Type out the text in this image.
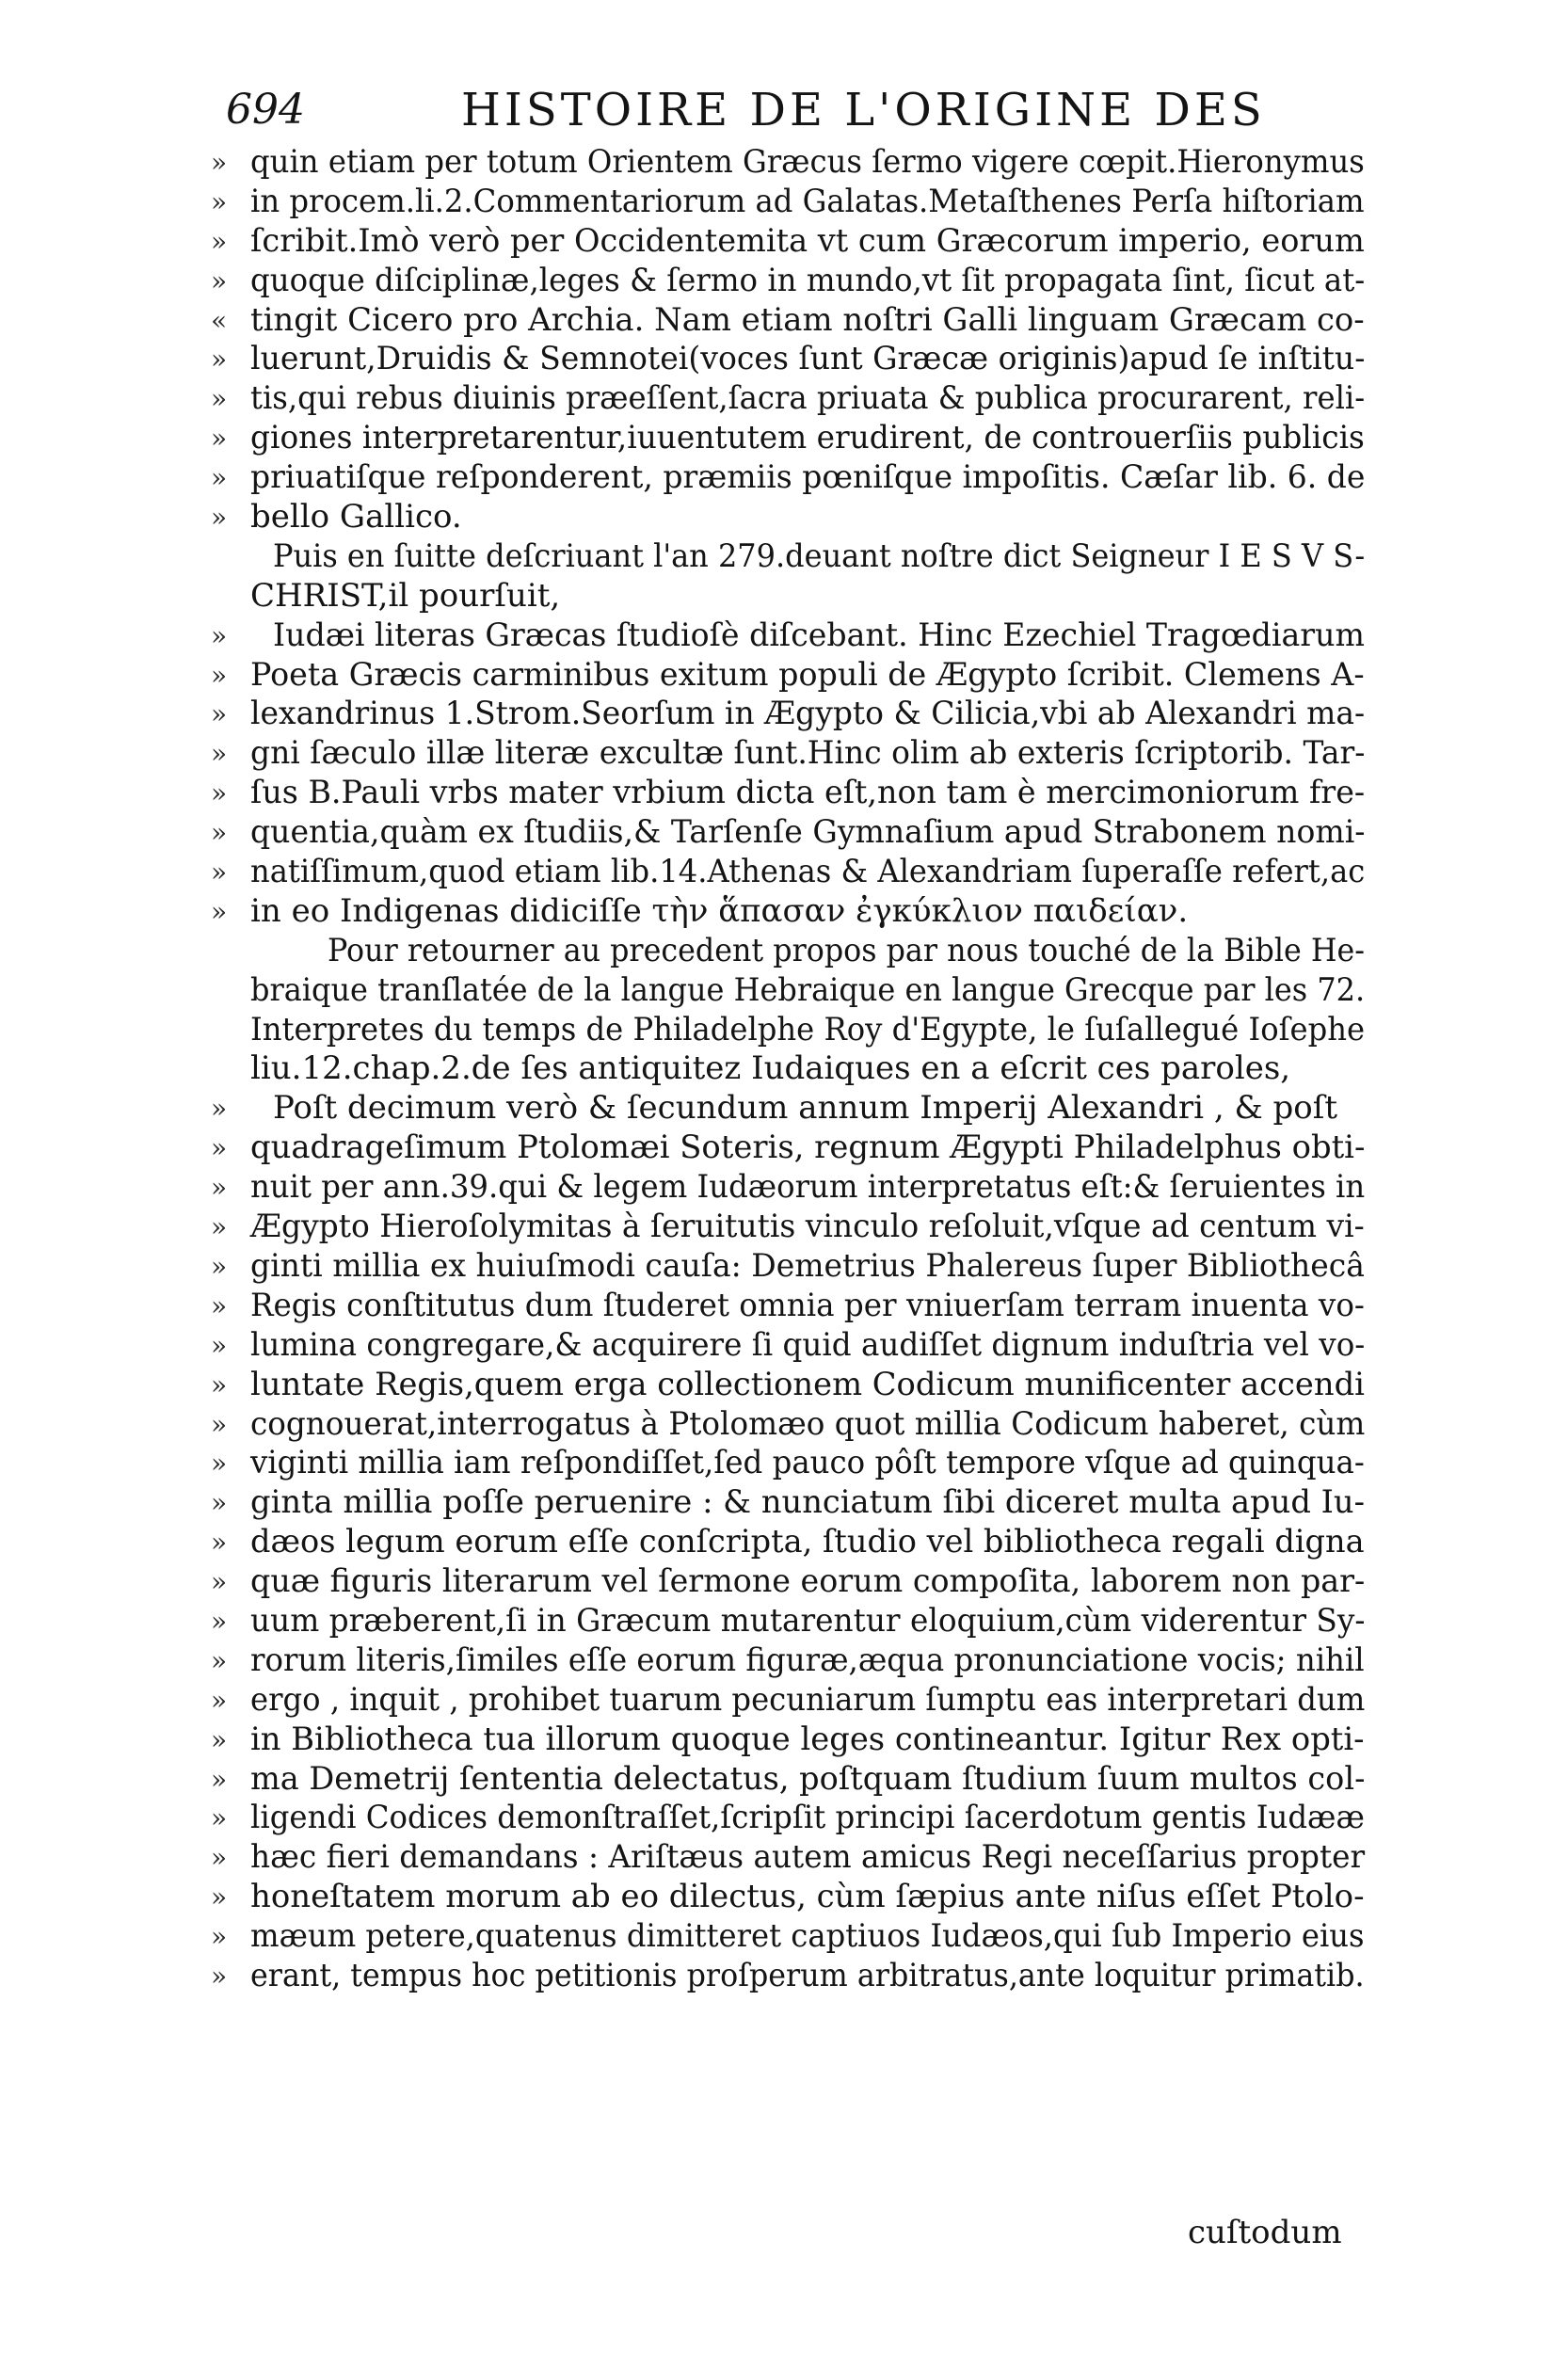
694	HISTOIRE DE L'ORIGINE DES
» quin etiam per totum Orientem Græcus ſermo vigere cœpit.Hieronymus
» in procem.li.2.Commentariorum ad Galatas.Metaſthenes Perſa hiſtoriam
» ſcribit.Imò verò per Occidentemita vt cum Græcorum imperio, eorum
» quoque diſciplinæ,leges & ſermo in mundo,vt ſit propagata ſint, ſicut at-
« tingit Cicero pro Archia. Nam etiam noſtri Galli linguam Græcam co-
» luerunt,Druidis & Semnotei(voces ſunt Græcæ originis)apud ſe inſtitu-
» tis,qui rebus diuinis præeſſent,ſacra priuata & publica procurarent, reli-
» giones interpretarentur,iuuentutem erudirent, de controuerſiis publicis
» priuatiſque reſponderent, præmiis pœniſque impoſitis. Cæſar lib. 6. de
» bello Gallico.
Puis en ſuitte deſcriuant l'an 279.deuant noſtre dict Seigneur I E S V S-
CHRIST,il pourſuit,
»	Iudæi literas Græcas ſtudioſè diſcebant. Hinc Ezechiel Tragœdiarum
» Poeta Græcis carminibus exitum populi de Ægypto ſcribit. Clemens A-
» lexandrinus 1.Strom.Seorſum in Ægypto & Cilicia,vbi ab Alexandri ma-
» gni ſæculo illæ literæ excultæ ſunt.Hinc olim ab exteris ſcriptorib. Tar-
» ſus B.Pauli vrbs mater vrbium dicta eſt,non tam è mercimoniorum fre-
» quentia,quàm ex ſtudiis,& Tarſenſe Gymnaſium apud Strabonem nomi-
» natiſſimum,quod etiam lib.14.Athenas & Alexandriam ſuperaſſe refert,ac
» in eo Indigenas didiciſſe τὴν ἅπασαν ἐγκύκλιον παιδείαν.
Pour retourner au precedent propos par nous touché de la Bible He-
braique tranſlatée de la langue Hebraique en langue Grecque par les 72.
Interpretes du temps de Philadelphe Roy d'Egypte, le ſuſallegué Ioſephe
liu.12.chap.2.de ſes antiquitez Iudaiques en a eſcrit ces paroles,
»	Poſt decimum verò & ſecundum annum Imperij Alexandri , & poſt
» quadrageſimum Ptolomæi Soteris, regnum Ægypti Philadelphus obti-
» nuit per ann.39.qui & legem Iudæorum interpretatus eſt:& ſeruientes in
» Ægypto Hieroſolymitas à ſeruitutis vinculo reſoluit,vſque ad centum vi-
» ginti millia ex huiuſmodi cauſa: Demetrius Phalereus ſuper Bibliothecâ
» Regis conſtitutus dum ſtuderet omnia per vniuerſam terram inuenta vo-
» lumina congregare,& acquirere ſi quid audiſſet dignum induſtria vel vo-
» luntate Regis,quem erga collectionem Codicum munificenter accendi
» cognouerat,interrogatus à Ptolomæo quot millia Codicum haberet, cùm
» viginti millia iam reſpondiſſet,ſed pauco pôſt tempore vſque ad quinqua-
» ginta millia poſſe peruenire : & nunciatum ſibi diceret multa apud Iu-
» dæos legum eorum eſſe conſcripta, ſtudio vel bibliotheca regali digna
» quæ figuris literarum vel ſermone eorum compoſita, laborem non par-
» uum præberent,ſi in Græcum mutarentur eloquium,cùm viderentur Sy-
» rorum literis,ſimiles eſſe eorum figuræ,æqua pronunciatione vocis; nihil
» ergo , inquit , prohibet tuarum pecuniarum ſumptu eas interpretari dum
» in Bibliotheca tua illorum quoque leges contineantur. Igitur Rex opti-
» ma Demetrij ſententia delectatus, poſtquam ſtudium ſuum multos col-
» ligendi Codices demonſtraſſet,ſcripſit principi ſacerdotum gentis Iudææ
» hæc fieri demandans : Ariſtæus autem amicus Regi neceſſarius propter
» honeſtatem morum ab eo dilectus, cùm ſæpius ante niſus eſſet Ptolo-
» mæum petere,quatenus dimitteret captiuos Iudæos,qui ſub Imperio eius
» erant, tempus hoc petitionis proſperum arbitratus,ante loquitur primatib.
cuſtodum
